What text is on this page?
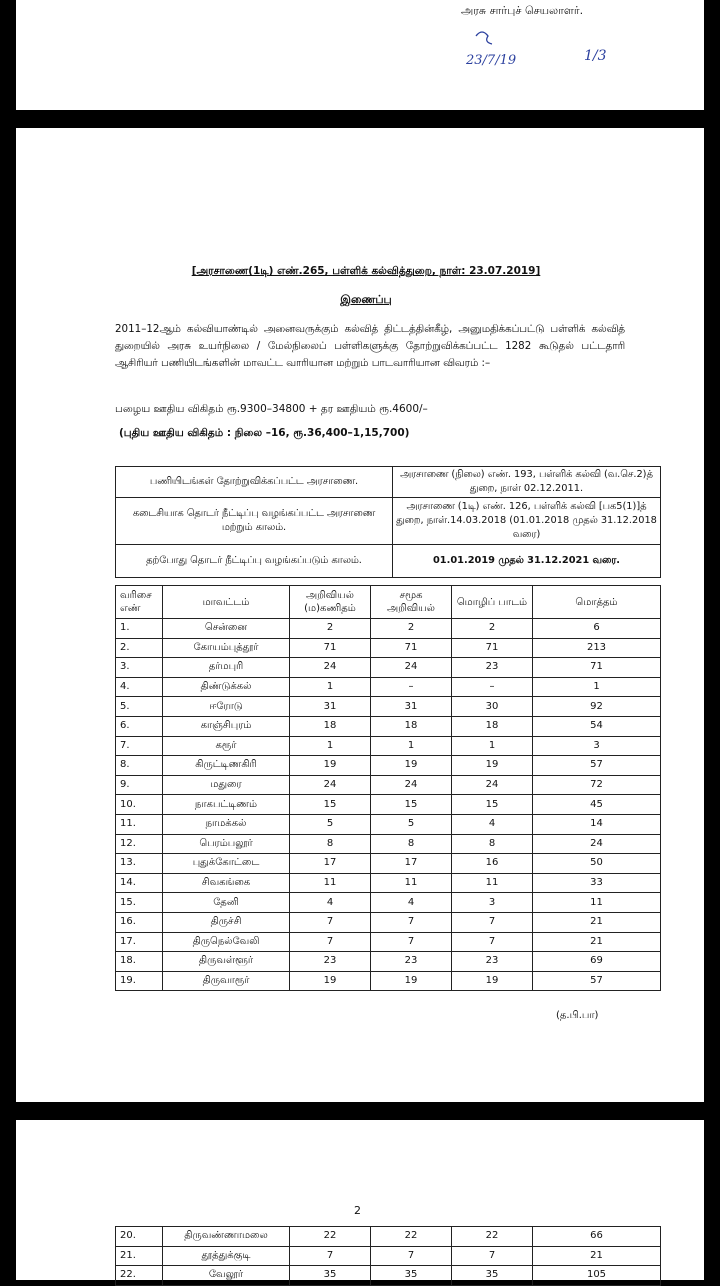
அரசு சார்புச் செயலாளர்.
23/7/19	1/3
[அரசாணை(1டி) எண்.265, பள்ளிக் கல்வித்துறை, நாள்: 23.07.2019]
இணைப்பு
2011–12ஆம் கல்வியாண்டில் அனைவருக்கும் கல்வித் திட்டத்தின்கீழ், அனுமதிக்கப்பட்டு பள்ளிக் கல்வித் துறையில் அரசு உயர்நிலை / மேல்நிலைப் பள்ளிகளுக்கு தோற்றுவிக்கப்பட்ட 1282 கூடுதல் பட்டதாரி ஆசிரியர் பணியிடங்களின் மாவட்ட வாரியான மற்றும் பாடவாரியான விவரம் :–
பழைய ஊதிய விகிதம் ரூ.9300–34800 + தர ஊதியம் ரூ.4600/–
(புதிய ஊதிய விகிதம் : நிலை –16, ரூ.36,400–1,15,700)
பணியிடங்கள் தோற்றுவிக்கப்பட்ட அரசாணை.	அரசாணை (நிலை) எண். 193, பள்ளிக் கல்வி (வ.செ.2)த் துறை, நாள் 02.12.2011.
கடைசியாக தொடர் நீட்டிப்பு வழங்கப்பட்ட அரசாணை மற்றும் காலம்.	அரசாணை (1டி) எண். 126, பள்ளிக் கல்வி [பக5(1)]த் துறை, நாள்.14.03.2018 (01.01.2018 முதல் 31.12.2018 வரை)
தற்போது தொடர் நீட்டிப்பு வழங்கப்படும் காலம்.	01.01.2019 முதல் 31.12.2021 வரை.
வரிசை எண்	மாவட்டம்	அறிவியல் (ம)கணிதம்	சமூக அறிவியல்	மொழிப் பாடம்	மொத்தம்
1.	சென்னை	2	2	2	6
2.	கோயம்புத்தூர்	71	71	71	213
3.	தர்மபுரி	24	24	23	71
4.	திண்டுக்கல்	1	–	–	1
5.	ஈரோடு	31	31	30	92
6.	காஞ்சிபுரம்	18	18	18	54
7.	கரூர்	1	1	1	3
8.	கிருட்டிணகிரி	19	19	19	57
9.	மதுரை	24	24	24	72
10.	நாகபட்டிணம்	15	15	15	45
11.	நாமக்கல்	5	5	4	14
12.	பெரம்பலூர்	8	8	8	24
13.	புதுக்கோட்டை	17	17	16	50
14.	சிவகங்கை	11	11	11	33
15.	தேனி	4	4	3	11
16.	திருச்சி	7	7	7	21
17.	திருநெல்வேலி	7	7	7	21
18.	திருவள்ளூர்	23	23	23	69
19.	திருவாரூர்	19	19	19	57
(த.பி.பா)
2
20.	திருவண்ணாமலை	22	22	22	66
21.	தூத்துக்குடி	7	7	7	21
22.	வேலூர்	35	35	35	105
